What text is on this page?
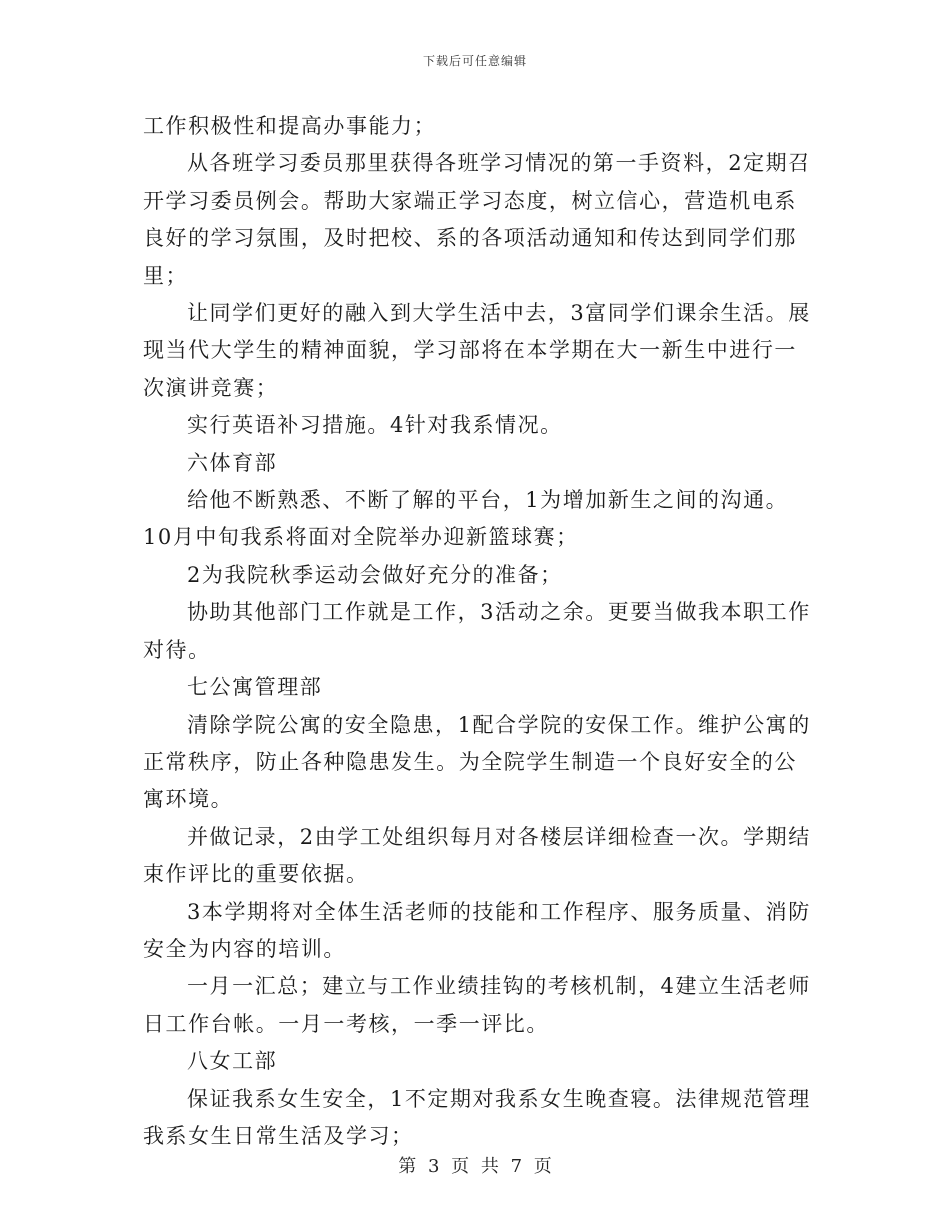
下载后可任意编辑

工作积极性和提高办事能力；

从各班学习委员那里获得各班学习情况的第一手资料，2定期召开学习委员例会。帮助大家端正学习态度，树立信心，营造机电系良好的学习氛围，及时把校、系的各项活动通知和传达到同学们那里；

让同学们更好的融入到大学生活中去，3富同学们课余生活。展现当代大学生的精神面貌，学习部将在本学期在大一新生中进行一次演讲竞赛；

实行英语补习措施。4针对我系情况。

六体育部

给他不断熟悉、不断了解的平台，1为增加新生之间的沟通。10月中旬我系将面对全院举办迎新篮球赛；

2为我院秋季运动会做好充分的准备；

协助其他部门工作就是工作，3活动之余。更要当做我本职工作对待。

七公寓管理部

清除学院公寓的安全隐患，1配合学院的安保工作。维护公寓的正常秩序，防止各种隐患发生。为全院学生制造一个良好安全的公寓环境。

并做记录，2由学工处组织每月对各楼层详细检查一次。学期结束作评比的重要依据。

3本学期将对全体生活老师的技能和工作程序、服务质量、消防安全为内容的培训。

一月一汇总；建立与工作业绩挂钩的考核机制，4建立生活老师日工作台帐。一月一考核，一季一评比。

八女工部

保证我系女生安全，1不定期对我系女生晚查寝。法律规范管理我系女生日常生活及学习；

第 3 页 共 7 页
